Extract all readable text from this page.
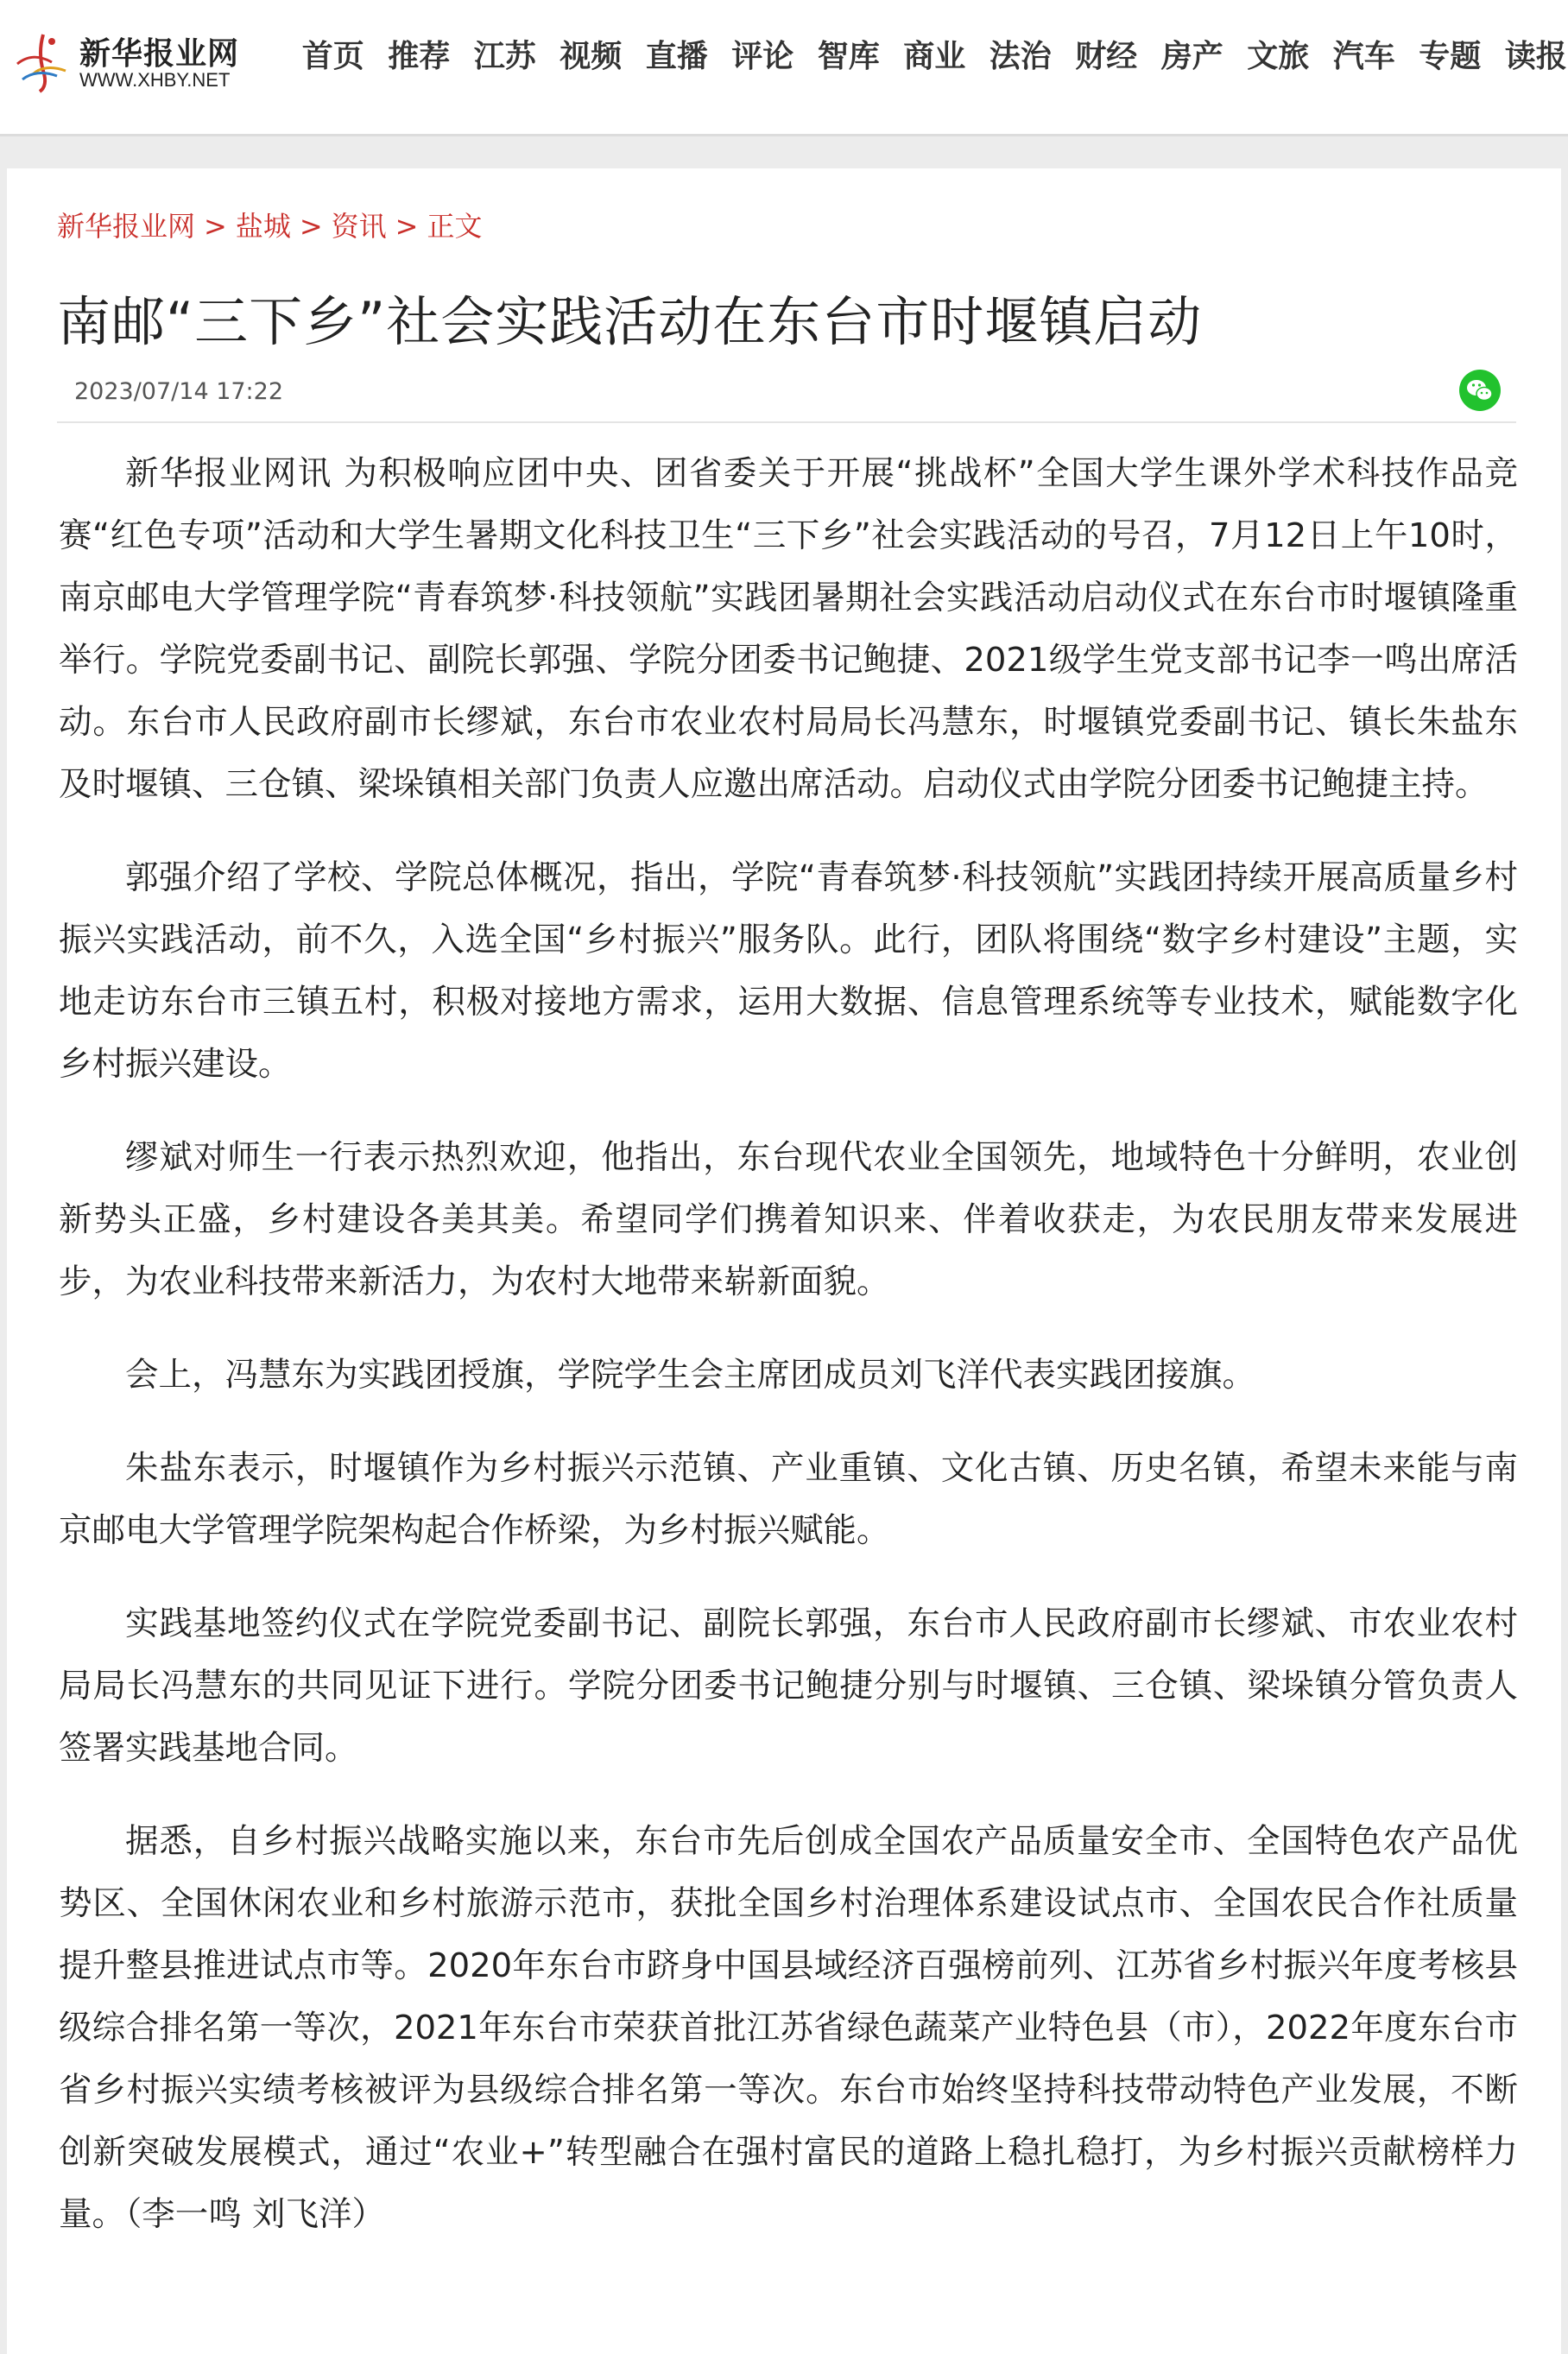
新华报业网
WWW.XHBY.NET
首页 推荐 江苏 视频 直播 评论 智库 商业 法治 财经 房产 文旅 汽车 专题 读报
新华报业网 > 盐城 > 资讯 > 正文
南邮“三下乡”社会实践活动在东台市时堰镇启动
2023/07/14 17:22

新华报业网讯 为积极响应团中央、团省委关于开展“挑战杯”全国大学生课外学术科技作品竞赛“红色专项”活动和大学生暑期文化科技卫生“三下乡”社会实践活动的号召，7月12日上午10时，南京邮电大学管理学院“青春筑梦·科技领航”实践团暑期社会实践活动启动仪式在东台市时堰镇隆重举行。学院党委副书记、副院长郭强、学院分团委书记鲍捷、2021级学生党支部书记李一鸣出席活动。东台市人民政府副市长缪斌，东台市农业农村局局长冯慧东，时堰镇党委副书记、镇长朱盐东及时堰镇、三仓镇、梁垛镇相关部门负责人应邀出席活动。启动仪式由学院分团委书记鲍捷主持。

郭强介绍了学校、学院总体概况，指出，学院“青春筑梦·科技领航”实践团持续开展高质量乡村振兴实践活动，前不久，入选全国“乡村振兴”服务队。此行，团队将围绕“数字乡村建设”主题，实地走访东台市三镇五村，积极对接地方需求，运用大数据、信息管理系统等专业技术，赋能数字化乡村振兴建设。

缪斌对师生一行表示热烈欢迎，他指出，东台现代农业全国领先，地域特色十分鲜明，农业创新势头正盛，乡村建设各美其美。希望同学们携着知识来、伴着收获走，为农民朋友带来发展进步，为农业科技带来新活力，为农村大地带来崭新面貌。

会上，冯慧东为实践团授旗，学院学生会主席团成员刘飞洋代表实践团接旗。

朱盐东表示，时堰镇作为乡村振兴示范镇、产业重镇、文化古镇、历史名镇，希望未来能与南京邮电大学管理学院架构起合作桥梁，为乡村振兴赋能。

实践基地签约仪式在学院党委副书记、副院长郭强，东台市人民政府副市长缪斌、市农业农村局局长冯慧东的共同见证下进行。学院分团委书记鲍捷分别与时堰镇、三仓镇、梁垛镇分管负责人签署实践基地合同。

据悉，自乡村振兴战略实施以来，东台市先后创成全国农产品质量安全市、全国特色农产品优势区、全国休闲农业和乡村旅游示范市，获批全国乡村治理体系建设试点市、全国农民合作社质量提升整县推进试点市等。2020年东台市跻身中国县域经济百强榜前列、江苏省乡村振兴年度考核县级综合排名第一等次，2021年东台市荣获首批江苏省绿色蔬菜产业特色县（市），2022年度东台市省乡村振兴实绩考核被评为县级综合排名第一等次。东台市始终坚持科技带动特色产业发展，不断创新突破发展模式，通过“农业+”转型融合在强村富民的道路上稳扎稳打，为乡村振兴贡献榜样力量。（李一鸣 刘飞洋）
